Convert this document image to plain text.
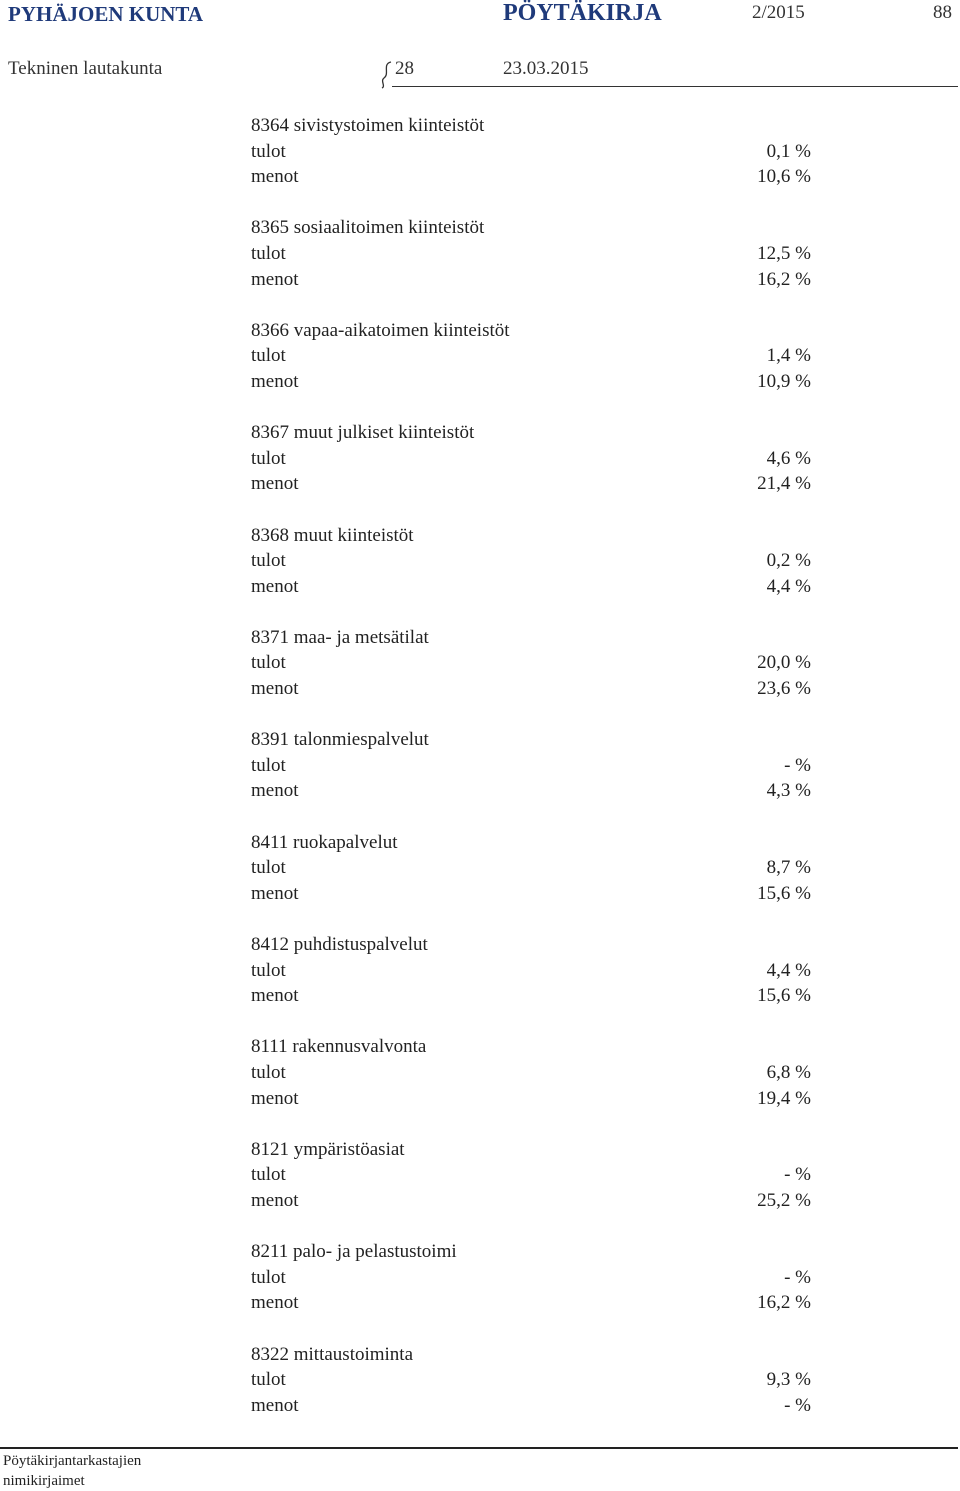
PYHÄJOEN KUNTA	PÖYTÄKIRJA	2/2015	88
Tekninen lautakunta	28	23.03.2015
8364 sivistystoimen kiinteistöt
tulot	0,1 %
menot	10,6 %
8365 sosiaalitoimen kiinteistöt
tulot	12,5 %
menot	16,2 %
8366 vapaa-aikatoimen kiinteistöt
tulot	1,4 %
menot	10,9 %
8367 muut julkiset kiinteistöt
tulot	4,6 %
menot	21,4 %
8368 muut kiinteistöt
tulot	0,2 %
menot	4,4 %
8371 maa- ja metsätilat
tulot	20,0 %
menot	23,6 %
8391 talonmiespalvelut
tulot	- %
menot	4,3 %
8411 ruokapalvelut
tulot	8,7 %
menot	15,6 %
8412 puhdistuspalvelut
tulot	4,4 %
menot	15,6 %
8111 rakennusvalvonta
tulot	6,8 %
menot	19,4 %
8121 ympäristöasiat
tulot	- %
menot	25,2 %
8211 palo- ja pelastustoimi
tulot	- %
menot	16,2 %
8322 mittaustoiminta
tulot	9,3 %
menot	- %
Pöytäkirjantarkastajien nimikirjaimet
